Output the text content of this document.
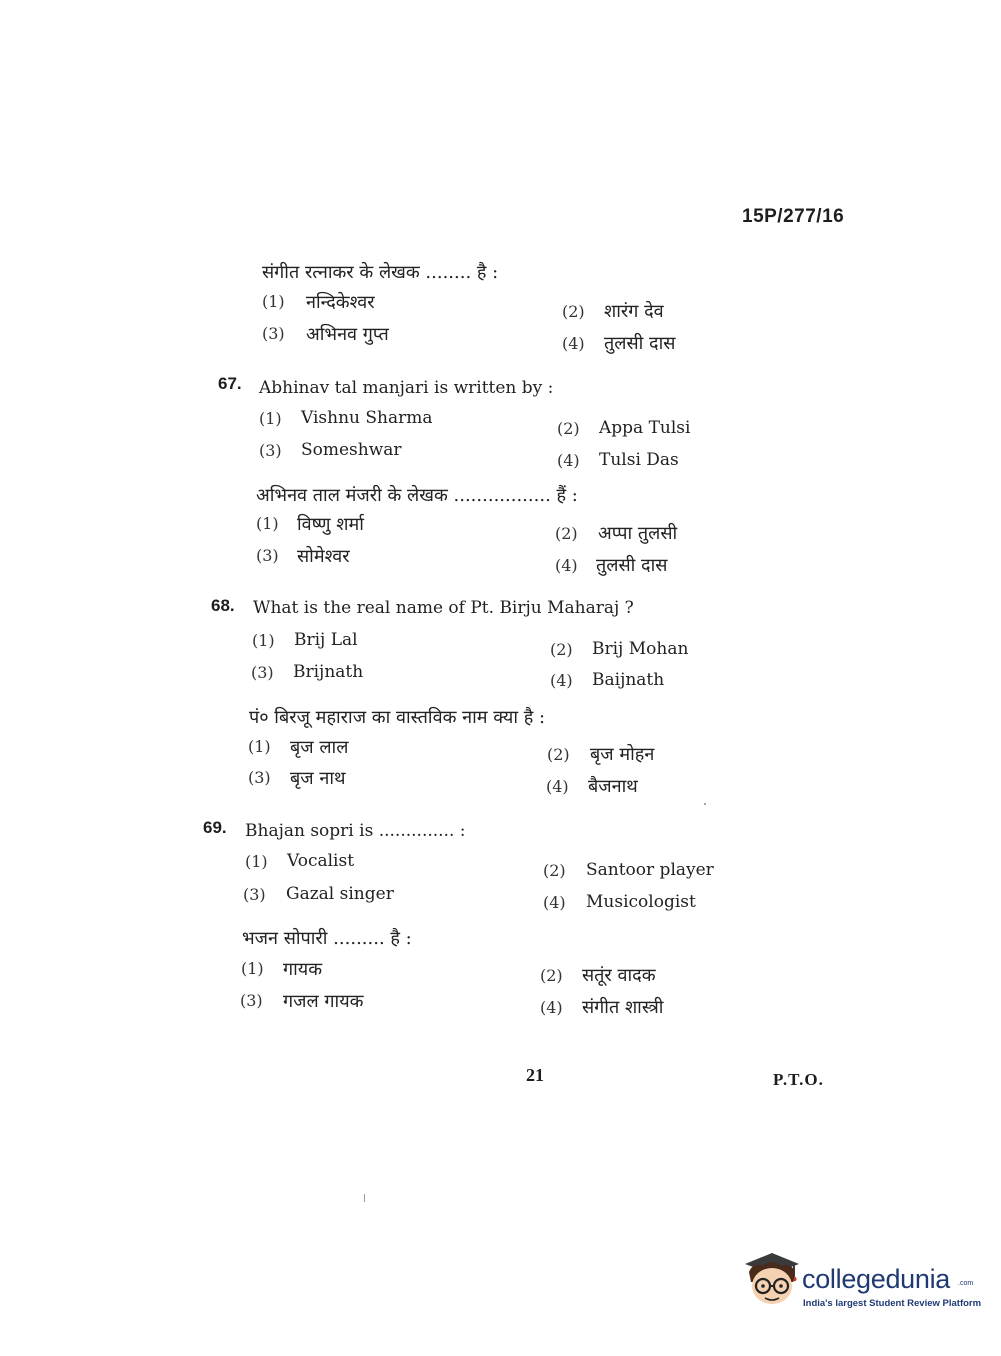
15P/277/16
संगीत रत्नाकर के लेखक ........ है :
(1) नन्दिकेश्वर	(2) शारंग देव
(3) अभिनव गुप्त	(4) तुलसी दास
67. Abhinav tal manjari is written by :
(1) Vishnu Sharma
(2) Appa Tulsi
(3) Someshwar
(4) Tulsi Das
अभिनव ताल मंजरी के लेखक ................. हैं :
(1) विष्णु शर्मा	(2) अप्पा तुलसी
(3) सोमेश्वर	(4) तुलसी दास
68. What is the real name of Pt. Birju Maharaj ?
(1) Brij Lal	(2) Brij Mohan
(3) Brijnath	(4) Baijnath
पं० बिरजू महाराज का वास्तविक नाम क्या है :
(1) बृज लाल	(2) बृज मोहन
(3) बृज नाथ	(4) बैजनाथ
69. Bhajan sopri is .............. :
(1) Vocalist	(2) Santoor player
(3) Gazal singer	(4) Musicologist
भजन सोपारी ......... है :
(1) गायक	(2) सतूंर वादक
(3) गजल गायक	(4) संगीत शास्त्री
21	P.T.O.
collegedunia .com
India's largest Student Review Platform
